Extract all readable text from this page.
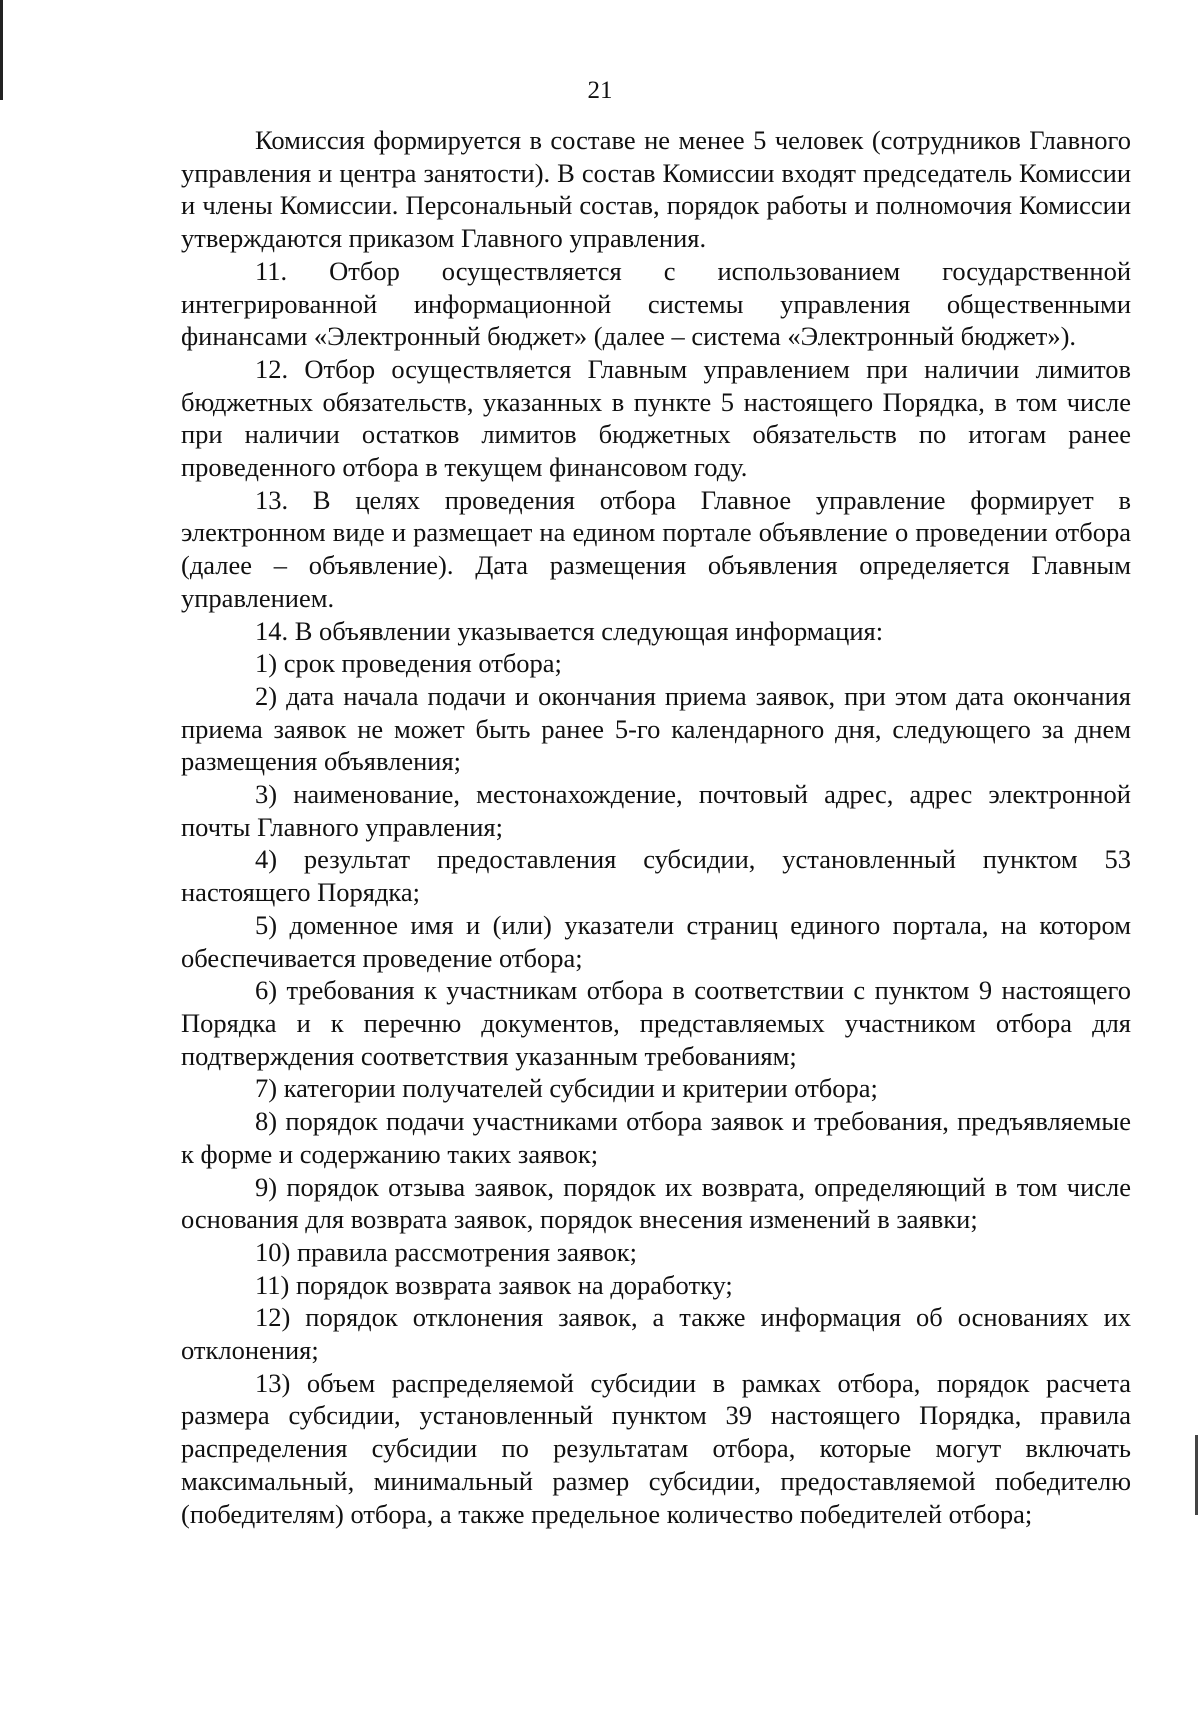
21

Комиссия формируется в составе не менее 5 человек (сотрудников Главного управления и центра занятости). В состав Комиссии входят председатель Комиссии и члены Комиссии. Персональный состав, порядок работы и полномочия Комиссии утверждаются приказом Главного управления.

11. Отбор осуществляется с использованием государственной интегрированной информационной системы управления общественными финансами «Электронный бюджет» (далее – система «Электронный бюджет»).

12. Отбор осуществляется Главным управлением при наличии лимитов бюджетных обязательств, указанных в пункте 5 настоящего Порядка, в том числе при наличии остатков лимитов бюджетных обязательств по итогам ранее проведенного отбора в текущем финансовом году.

13. В целях проведения отбора Главное управление формирует в электронном виде и размещает на едином портале объявление о проведении отбора (далее – объявление). Дата размещения объявления определяется Главным управлением.

14. В объявлении указывается следующая информация:

1) срок проведения отбора;

2) дата начала подачи и окончания приема заявок, при этом дата окончания приема заявок не может быть ранее 5-го календарного дня, следующего за днем размещения объявления;

3) наименование, местонахождение, почтовый адрес, адрес электронной почты Главного управления;

4) результат предоставления субсидии, установленный пунктом 53 настоящего Порядка;

5) доменное имя и (или) указатели страниц единого портала, на котором обеспечивается проведение отбора;

6) требования к участникам отбора в соответствии с пунктом 9 настоящего Порядка и к перечню документов, представляемых участником отбора для подтверждения соответствия указанным требованиям;

7) категории получателей субсидии и критерии отбора;

8) порядок подачи участниками отбора заявок и требования, предъявляемые к форме и содержанию таких заявок;

9) порядок отзыва заявок, порядок их возврата, определяющий в том числе основания для возврата заявок, порядок внесения изменений в заявки;

10) правила рассмотрения заявок;

11) порядок возврата заявок на доработку;

12) порядок отклонения заявок, а также информация об основаниях их отклонения;

13) объем распределяемой субсидии в рамках отбора, порядок расчета размера субсидии, установленный пунктом 39 настоящего Порядка, правила распределения субсидии по результатам отбора, которые могут включать максимальный, минимальный размер субсидии, предоставляемой победителю (победителям) отбора, а также предельное количество победителей отбора;
